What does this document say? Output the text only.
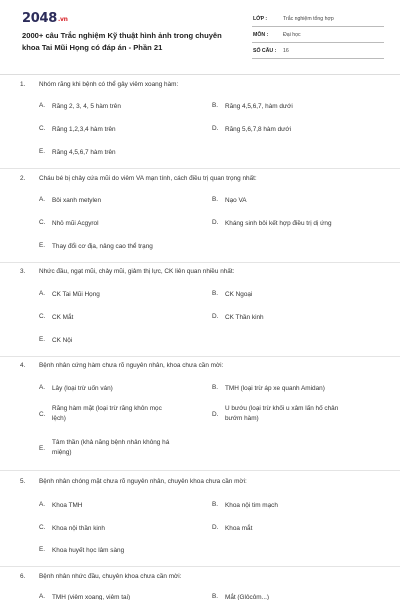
2048.vn
2000+ câu Trắc nghiệm Kỹ thuật hình ảnh trong chuyên khoa Tai Mũi Họng có đáp án - Phần 21
LỚP :	Trắc nghiệm tổng hợp
MÔN :	Đại học
SỐ CÂU : 16
1. Nhóm răng khi bệnh có thể gây viêm xoang hàm:
A. Răng 2, 3, 4, 5 hàm trên	B. Răng 4,5,6,7, hàm dưới
C. Răng 1,2,3,4 hàm trên	D. Răng 5,6,7,8 hàm dưới
E. Răng 4,5,6,7 hàm trên
2. Cháu bé bị chảy cứa mũi do viêm VA mạn tính, cách điều trị quan trọng nhất:
A. Bôi xanh metylen	B. Nạo VA
C. Nhỏ mũi Acgyrol	D. Kháng sinh bôi kết hợp điều trị dị ứng
E. Thay đổi cơ địa, nâng cao thể trạng
3. Nhức đầu, ngạt mũi, chảy mũi, giảm thị lực, CK liên quan nhiều nhất:
A. CK Tai Mũi Họng	B. CK Ngoại
C. CK Mắt	D. CK Thần kinh
E. CK Nội
4. Bệnh nhân cứng hàm chưa rõ nguyên nhân, khoa chưa cần mời:
A. Lây (loại trừ uốn ván)	B. TMH (loại trừ áp xe quanh Amidan)
C.
Răng hàm mặt (loại trừ răng khôn mọc lệch)
D.
U bướu (loại trừ khối u xâm lấn hố chân bướm hàm)
E.
Tâm thần (khả năng bệnh nhân không há miệng)
5. Bệnh nhân chóng mặt chưa rõ nguyên nhân, chuyên khoa chưa cần mời:
A. Khoa TMH	B. Khoa nội tim mạch
C. Khoa nội thần kinh	D. Khoa mắt
E. Khoa huyết học lâm sàng
6. Bệnh nhân nhức đầu, chuyên khoa chưa cần mời:
A. TMH (viêm xoang, viêm tai)	B. Mắt (Glôcôm...)
